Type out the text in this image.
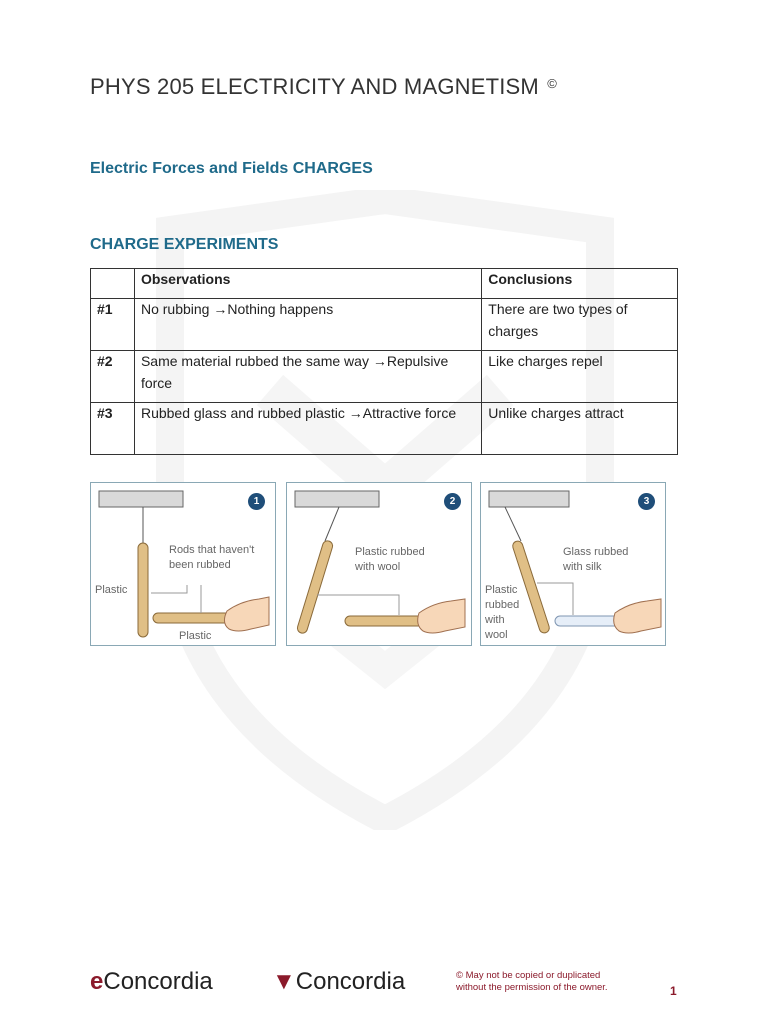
PHYS 205 ELECTRICITY AND MAGNETISM ©
Electric Forces and Fields CHARGES
CHARGE EXPERIMENTS
	Observations	Conclusions
#1	No rubbing →Nothing happens	There are two types of charges
#2	Same material rubbed the same way →Repulsive force	Like charges repel
#3	Rubbed glass and rubbed plastic →Attractive force	Unlike charges attract
1
Rods that haven't been rubbed
Plastic
Plastic
2
Plastic rubbed with wool
3
Glass rubbed with silk
Plastic rubbed with wool
eConcordia ▼Concordia	© May not be copied or duplicated
without the permission of the owner.	1
